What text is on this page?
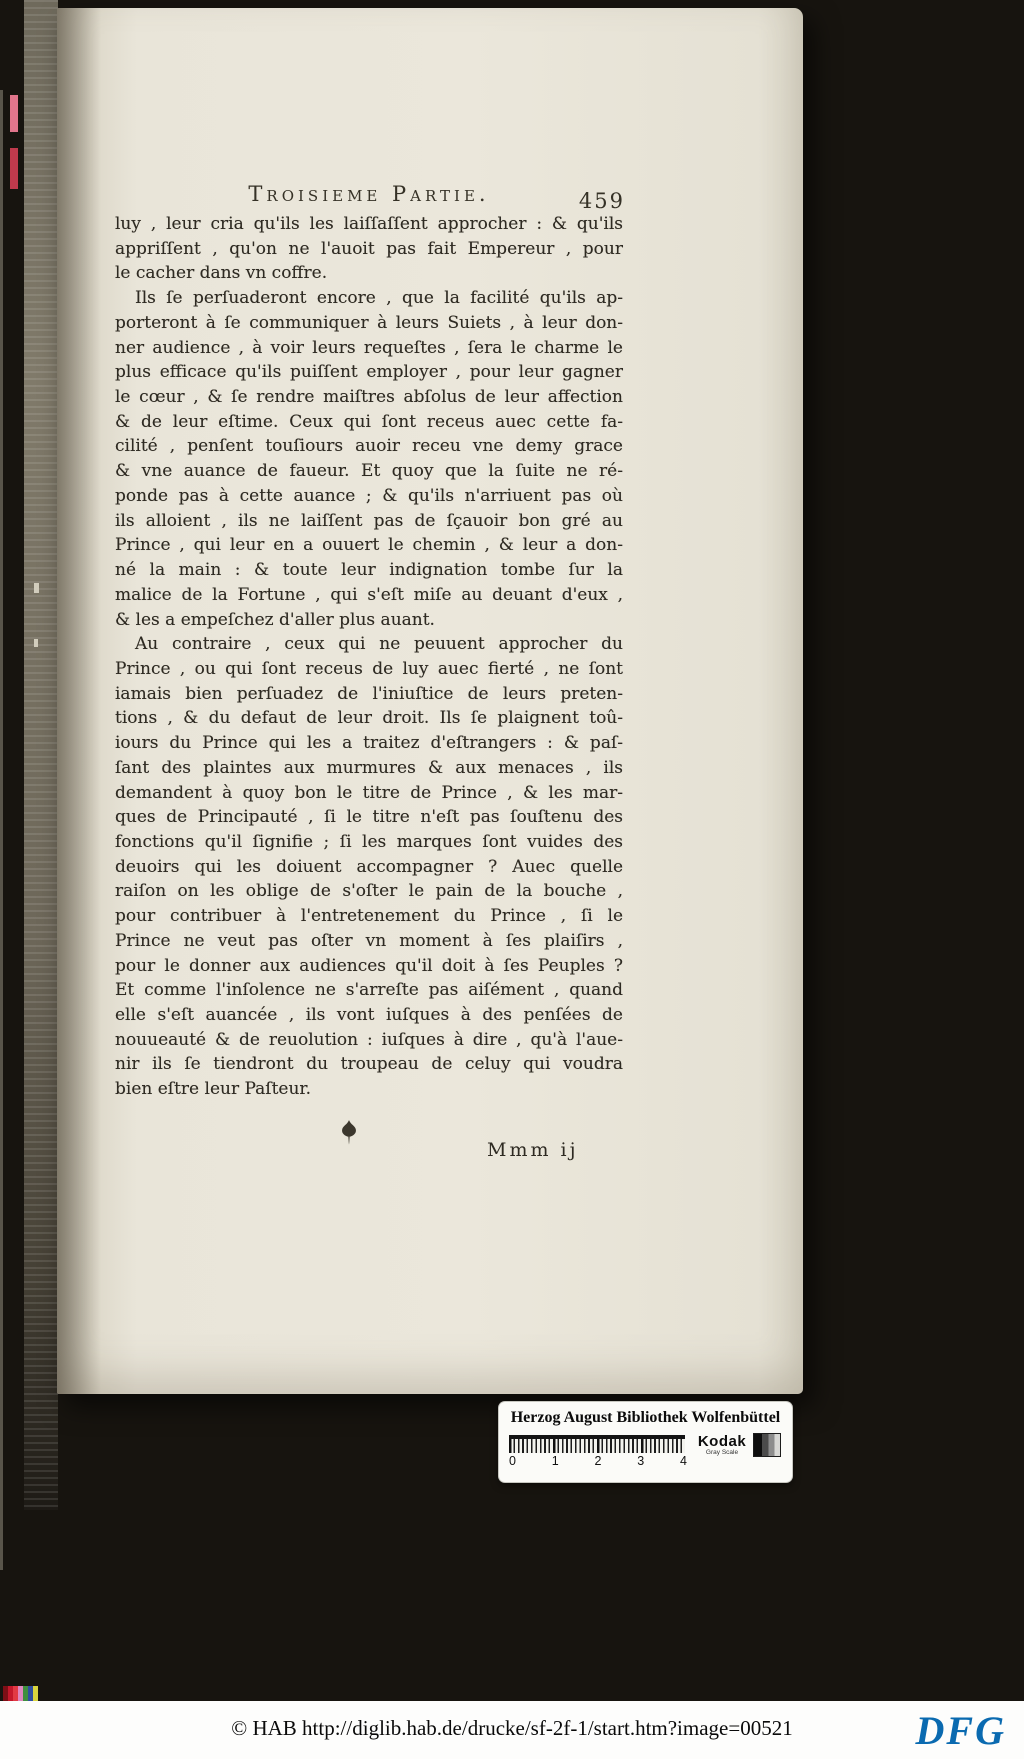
Troisieme Partie.	459
luy , leur cria qu'ils les laiſſaſſent approcher : & qu'ils
appriſſent , qu'on ne l'auoit pas fait Empereur , pour
le cacher dans vn coffre.
Ils ſe perſuaderont encore , que la facilité qu'ils ap-
porteront à ſe communiquer à leurs Suiets , à leur don-
ner audience , à voir leurs requeſtes , ſera le charme le
plus efficace qu'ils puiſſent employer , pour leur gagner
le cœur , & ſe rendre maiſtres abſolus de leur affection
& de leur eſtime. Ceux qui ſont receus auec cette fa-
cilité , penſent touſiours auoir receu vne demy grace
& vne auance de faueur. Et quoy que la ſuite ne ré-
ponde pas à cette auance ; & qu'ils n'arriuent pas où
ils alloient , ils ne laiſſent pas de ſçauoir bon gré au
Prince , qui leur en a ouuert le chemin , & leur a don-
né la main : & toute leur indignation tombe ſur la
malice de la Fortune , qui s'eſt miſe au deuant d'eux ,
& les a empeſchez d'aller plus auant.
Au contraire , ceux qui ne peuuent approcher du
Prince , ou qui ſont receus de luy auec fierté , ne ſont
iamais bien perſuadez de l'iniuſtice de leurs preten-
tions , & du defaut de leur droit. Ils ſe plaignent toû-
iours du Prince qui les a traitez d'eſtrangers : & paſ-
ſant des plaintes aux murmures & aux menaces , ils
demandent à quoy bon le titre de Prince , & les mar-
ques de Principauté , ſi le titre n'eſt pas ſouſtenu des
fonctions qu'il ſignifie ; ſi les marques ſont vuides des
deuoirs qui les doiuent accompagner ? Auec quelle
raiſon on les oblige de s'oſter le pain de la bouche ,
pour contribuer à l'entretenement du Prince , ſi le
Prince ne veut pas oſter vn moment à ſes plaiſirs ,
pour le donner aux audiences qu'il doit à ſes Peuples ?
Et comme l'inſolence ne s'arreſte pas aiſément , quand
elle s'eſt auancée , ils vont iuſques à des penſées de
nouueauté & de reuolution : iuſques à dire , qu'à l'aue-
nir ils ſe tiendront du troupeau de celuy qui voudra
bien eſtre leur Paſteur.
Mmm ij
Herzog August Bibliothek Wolfenbüttel
Kodak
Gray Scale
0	1	2	3	4
© HAB http://diglib.hab.de/drucke/sf-2f-1/start.htm?image=00521	DFG
